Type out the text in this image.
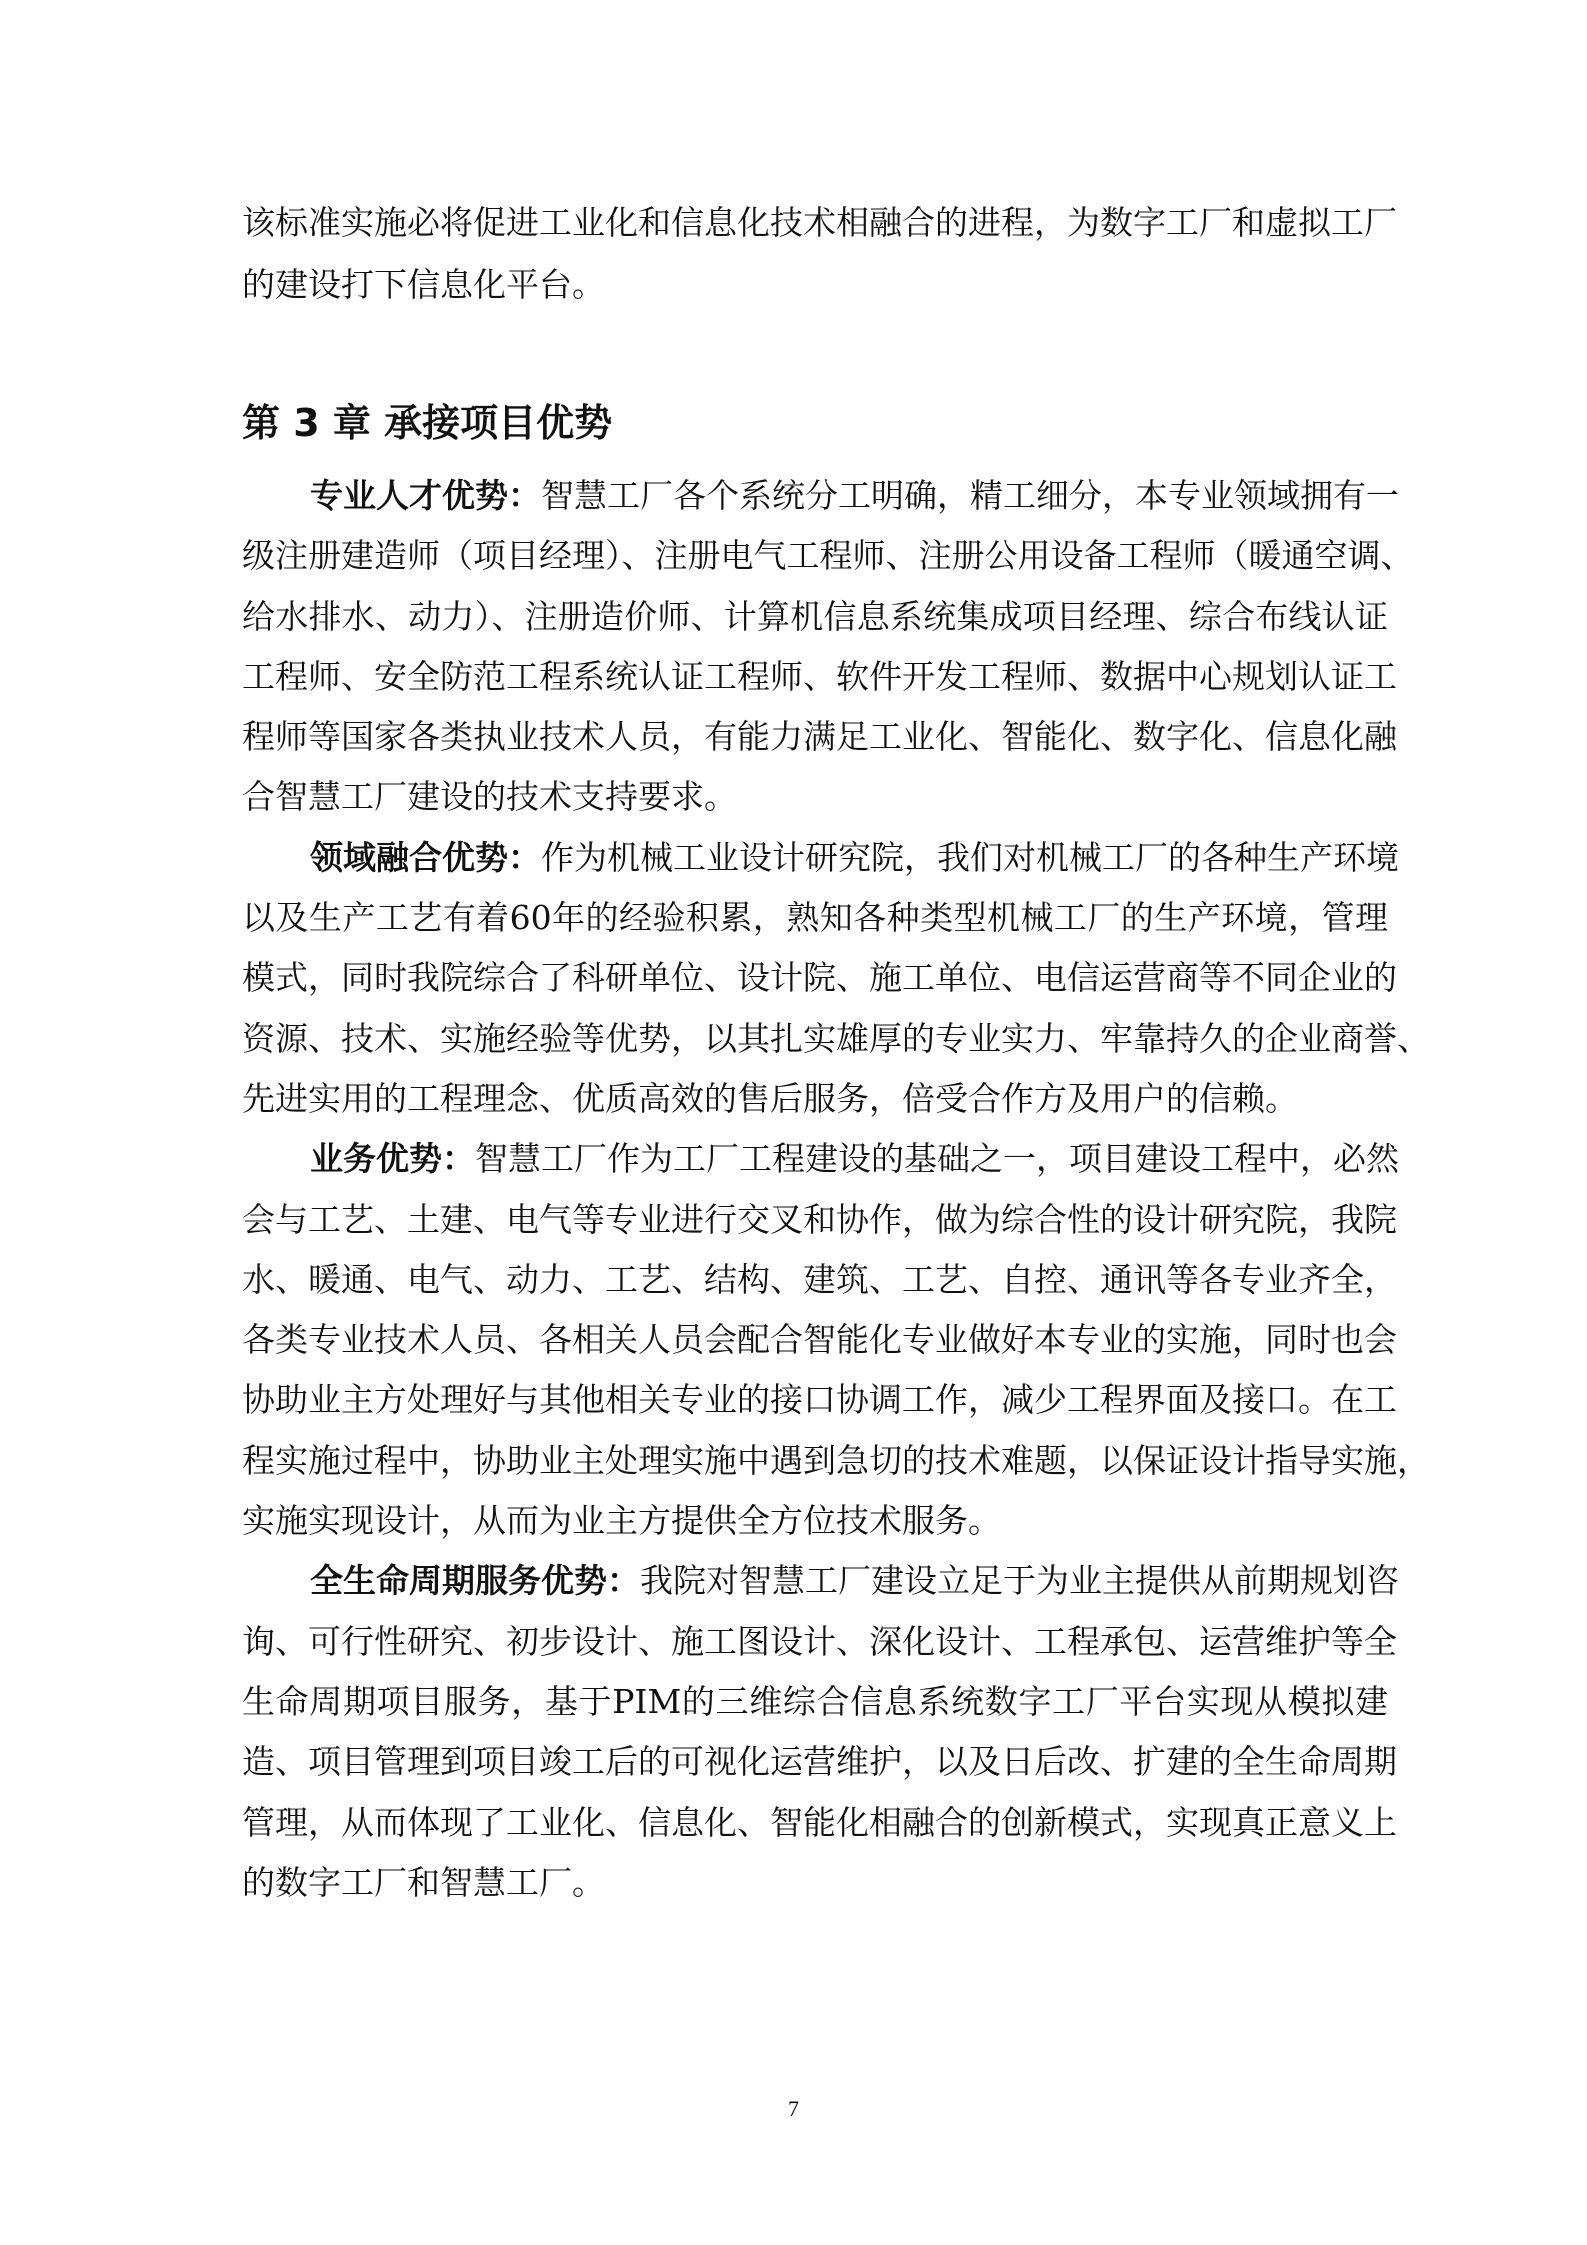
该标准实施必将促进工业化和信息化技术相融合的进程，为数字工厂和虚拟工厂
的建设打下信息化平台。
第 3 章 承接项目优势
专业人才优势：智慧工厂各个系统分工明确，精工细分，本专业领域拥有一
级注册建造师（项目经理）、注册电气工程师、注册公用设备工程师（暖通空调、
给水排水、动力）、注册造价师、计算机信息系统集成项目经理、综合布线认证
工程师、安全防范工程系统认证工程师、软件开发工程师、数据中心规划认证工
程师等国家各类执业技术人员，有能力满足工业化、智能化、数字化、信息化融
合智慧工厂建设的技术支持要求。
领域融合优势：作为机械工业设计研究院，我们对机械工厂的各种生产环境
以及生产工艺有着60年的经验积累，熟知各种类型机械工厂的生产环境，管理
模式，同时我院综合了科研单位、设计院、施工单位、电信运营商等不同企业的
资源、技术、实施经验等优势，以其扎实雄厚的专业实力、牢靠持久的企业商誉、
先进实用的工程理念、优质高效的售后服务，倍受合作方及用户的信赖。
业务优势：智慧工厂作为工厂工程建设的基础之一，项目建设工程中，必然
会与工艺、土建、电气等专业进行交叉和协作，做为综合性的设计研究院，我院
水、暖通、电气、动力、工艺、结构、建筑、工艺、自控、通讯等各专业齐全，
各类专业技术人员、各相关人员会配合智能化专业做好本专业的实施，同时也会
协助业主方处理好与其他相关专业的接口协调工作，减少工程界面及接口。在工
程实施过程中，协助业主处理实施中遇到急切的技术难题，以保证设计指导实施，
实施实现设计，从而为业主方提供全方位技术服务。
全生命周期服务优势：我院对智慧工厂建设立足于为业主提供从前期规划咨
询、可行性研究、初步设计、施工图设计、深化设计、工程承包、运营维护等全
生命周期项目服务，基于PIM的三维综合信息系统数字工厂平台实现从模拟建
造、项目管理到项目竣工后的可视化运营维护，以及日后改、扩建的全生命周期
管理，从而体现了工业化、信息化、智能化相融合的创新模式，实现真正意义上
的数字工厂和智慧工厂。
7
